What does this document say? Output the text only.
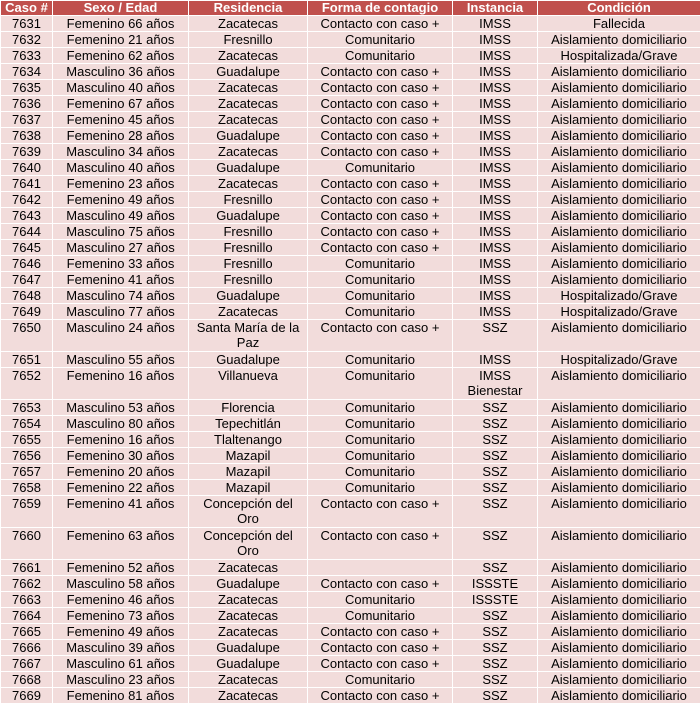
Caso #	Sexo / Edad	Residencia	Forma de contagio	Instancia	Condición
7631	Femenino 66 años	Zacatecas	Contacto con caso +	IMSS	Fallecida
7632	Femenino 21 años	Fresnillo	Comunitario	IMSS	Aislamiento domiciliario
7633	Femenino 62 años	Zacatecas	Comunitario	IMSS	Hospitalizada/Grave
7634	Masculino 36 años	Guadalupe	Contacto con caso +	IMSS	Aislamiento domiciliario
7635	Masculino 40 años	Zacatecas	Contacto con caso +	IMSS	Aislamiento domiciliario
7636	Femenino 67 años	Zacatecas	Contacto con caso +	IMSS	Aislamiento domiciliario
7637	Femenino 45 años	Zacatecas	Contacto con caso +	IMSS	Aislamiento domiciliario
7638	Femenino 28 años	Guadalupe	Contacto con caso +	IMSS	Aislamiento domiciliario
7639	Masculino 34 años	Zacatecas	Contacto con caso +	IMSS	Aislamiento domiciliario
7640	Masculino 40 años	Guadalupe	Comunitario	IMSS	Aislamiento domiciliario
7641	Femenino 23 años	Zacatecas	Contacto con caso +	IMSS	Aislamiento domiciliario
7642	Femenino 49 años	Fresnillo	Contacto con caso +	IMSS	Aislamiento domiciliario
7643	Masculino 49 años	Guadalupe	Contacto con caso +	IMSS	Aislamiento domiciliario
7644	Masculino 75 años	Fresnillo	Contacto con caso +	IMSS	Aislamiento domiciliario
7645	Masculino 27 años	Fresnillo	Contacto con caso +	IMSS	Aislamiento domiciliario
7646	Femenino 33 años	Fresnillo	Comunitario	IMSS	Aislamiento domiciliario
7647	Femenino 41 años	Fresnillo	Comunitario	IMSS	Aislamiento domiciliario
7648	Masculino 74 años	Guadalupe	Comunitario	IMSS	Hospitalizado/Grave
7649	Masculino 77 años	Zacatecas	Comunitario	IMSS	Hospitalizado/Grave
7650	Masculino 24 años	Santa María de la Paz	Contacto con caso +	SSZ	Aislamiento domiciliario
7651	Masculino 55 años	Guadalupe	Comunitario	IMSS	Hospitalizado/Grave
7652	Femenino 16 años	Villanueva	Comunitario	IMSS Bienestar	Aislamiento domiciliario
7653	Masculino 53 años	Florencia	Comunitario	SSZ	Aislamiento domiciliario
7654	Masculino 80 años	Tepechitlán	Comunitario	SSZ	Aislamiento domiciliario
7655	Femenino 16 años	Tlaltenango	Comunitario	SSZ	Aislamiento domiciliario
7656	Femenino 30 años	Mazapil	Comunitario	SSZ	Aislamiento domiciliario
7657	Femenino 20 años	Mazapil	Comunitario	SSZ	Aislamiento domiciliario
7658	Femenino 22 años	Mazapil	Comunitario	SSZ	Aislamiento domiciliario
7659	Femenino 41 años	Concepción del Oro	Contacto con caso +	SSZ	Aislamiento domiciliario
7660	Femenino 63 años	Concepción del Oro	Contacto con caso +	SSZ	Aislamiento domiciliario
7661	Femenino 52 años	Zacatecas		SSZ	Aislamiento domiciliario
7662	Masculino 58 años	Guadalupe	Contacto con caso +	ISSSTE	Aislamiento domiciliario
7663	Femenino 46 años	Zacatecas	Comunitario	ISSSTE	Aislamiento domiciliario
7664	Femenino 73 años	Zacatecas	Comunitario	SSZ	Aislamiento domiciliario
7665	Femenino 49 años	Zacatecas	Contacto con caso +	SSZ	Aislamiento domiciliario
7666	Masculino 39 años	Guadalupe	Contacto con caso +	SSZ	Aislamiento domiciliario
7667	Masculino 61 años	Guadalupe	Contacto con caso +	SSZ	Aislamiento domiciliario
7668	Masculino 23 años	Zacatecas	Comunitario	SSZ	Aislamiento domiciliario
7669	Femenino 81 años	Zacatecas	Contacto con caso +	SSZ	Aislamiento domiciliario
